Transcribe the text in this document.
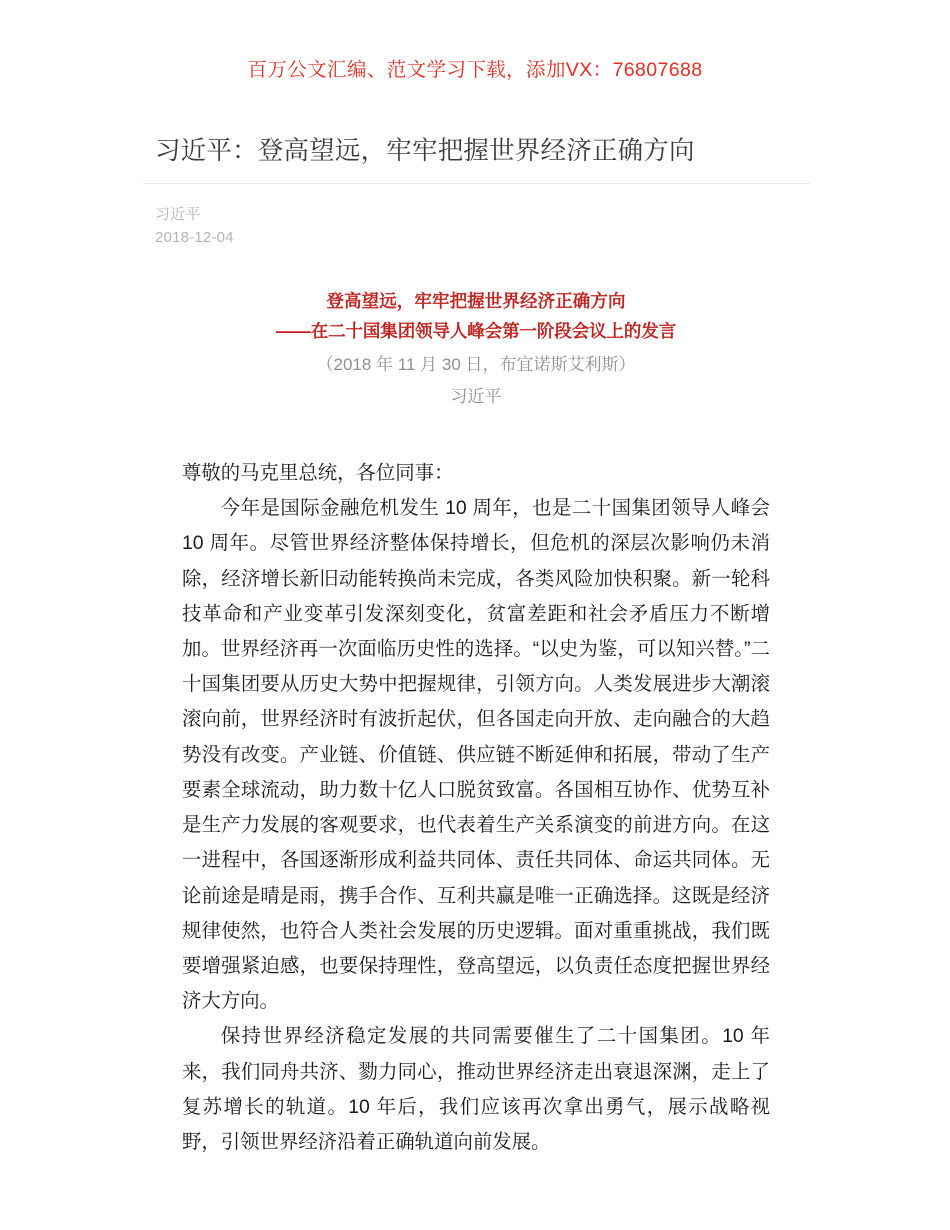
百万公文汇编、范文学习下载，添加VX：76807688
习近平：登高望远，牢牢把握世界经济正确方向
习近平
2018-12-04
登高望远，牢牢把握世界经济正确方向
——在二十国集团领导人峰会第一阶段会议上的发言
（2018 年 11 月 30 日，布宜诺斯艾利斯）
习近平

尊敬的马克里总统，各位同事：

今年是国际金融危机发生 10 周年，也是二十国集团领导人峰会 10 周年。尽管世界经济整体保持增长，但危机的深层次影响仍未消除，经济增长新旧动能转换尚未完成，各类风险加快积聚。新一轮科技革命和产业变革引发深刻变化，贫富差距和社会矛盾压力不断增加。世界经济再一次面临历史性的选择。“以史为鉴，可以知兴替。”二十国集团要从历史大势中把握规律，引领方向。人类发展进步大潮滚滚向前，世界经济时有波折起伏，但各国走向开放、走向融合的大趋势没有改变。产业链、价值链、供应链不断延伸和拓展，带动了生产要素全球流动，助力数十亿人口脱贫致富。各国相互协作、优势互补是生产力发展的客观要求，也代表着生产关系演变的前进方向。在这一进程中，各国逐渐形成利益共同体、责任共同体、命运共同体。无论前途是晴是雨，携手合作、互利共赢是唯一正确选择。这既是经济规律使然，也符合人类社会发展的历史逻辑。面对重重挑战，我们既要增强紧迫感，也要保持理性，登高望远，以负责任态度把握世界经济大方向。

保持世界经济稳定发展的共同需要催生了二十国集团。10 年来，我们同舟共济、勠力同心，推动世界经济走出衰退深渊，走上了复苏增长的轨道。10 年后，我们应该再次拿出勇气，展示战略视野，引领世界经济沿着正确轨道向前发展。
